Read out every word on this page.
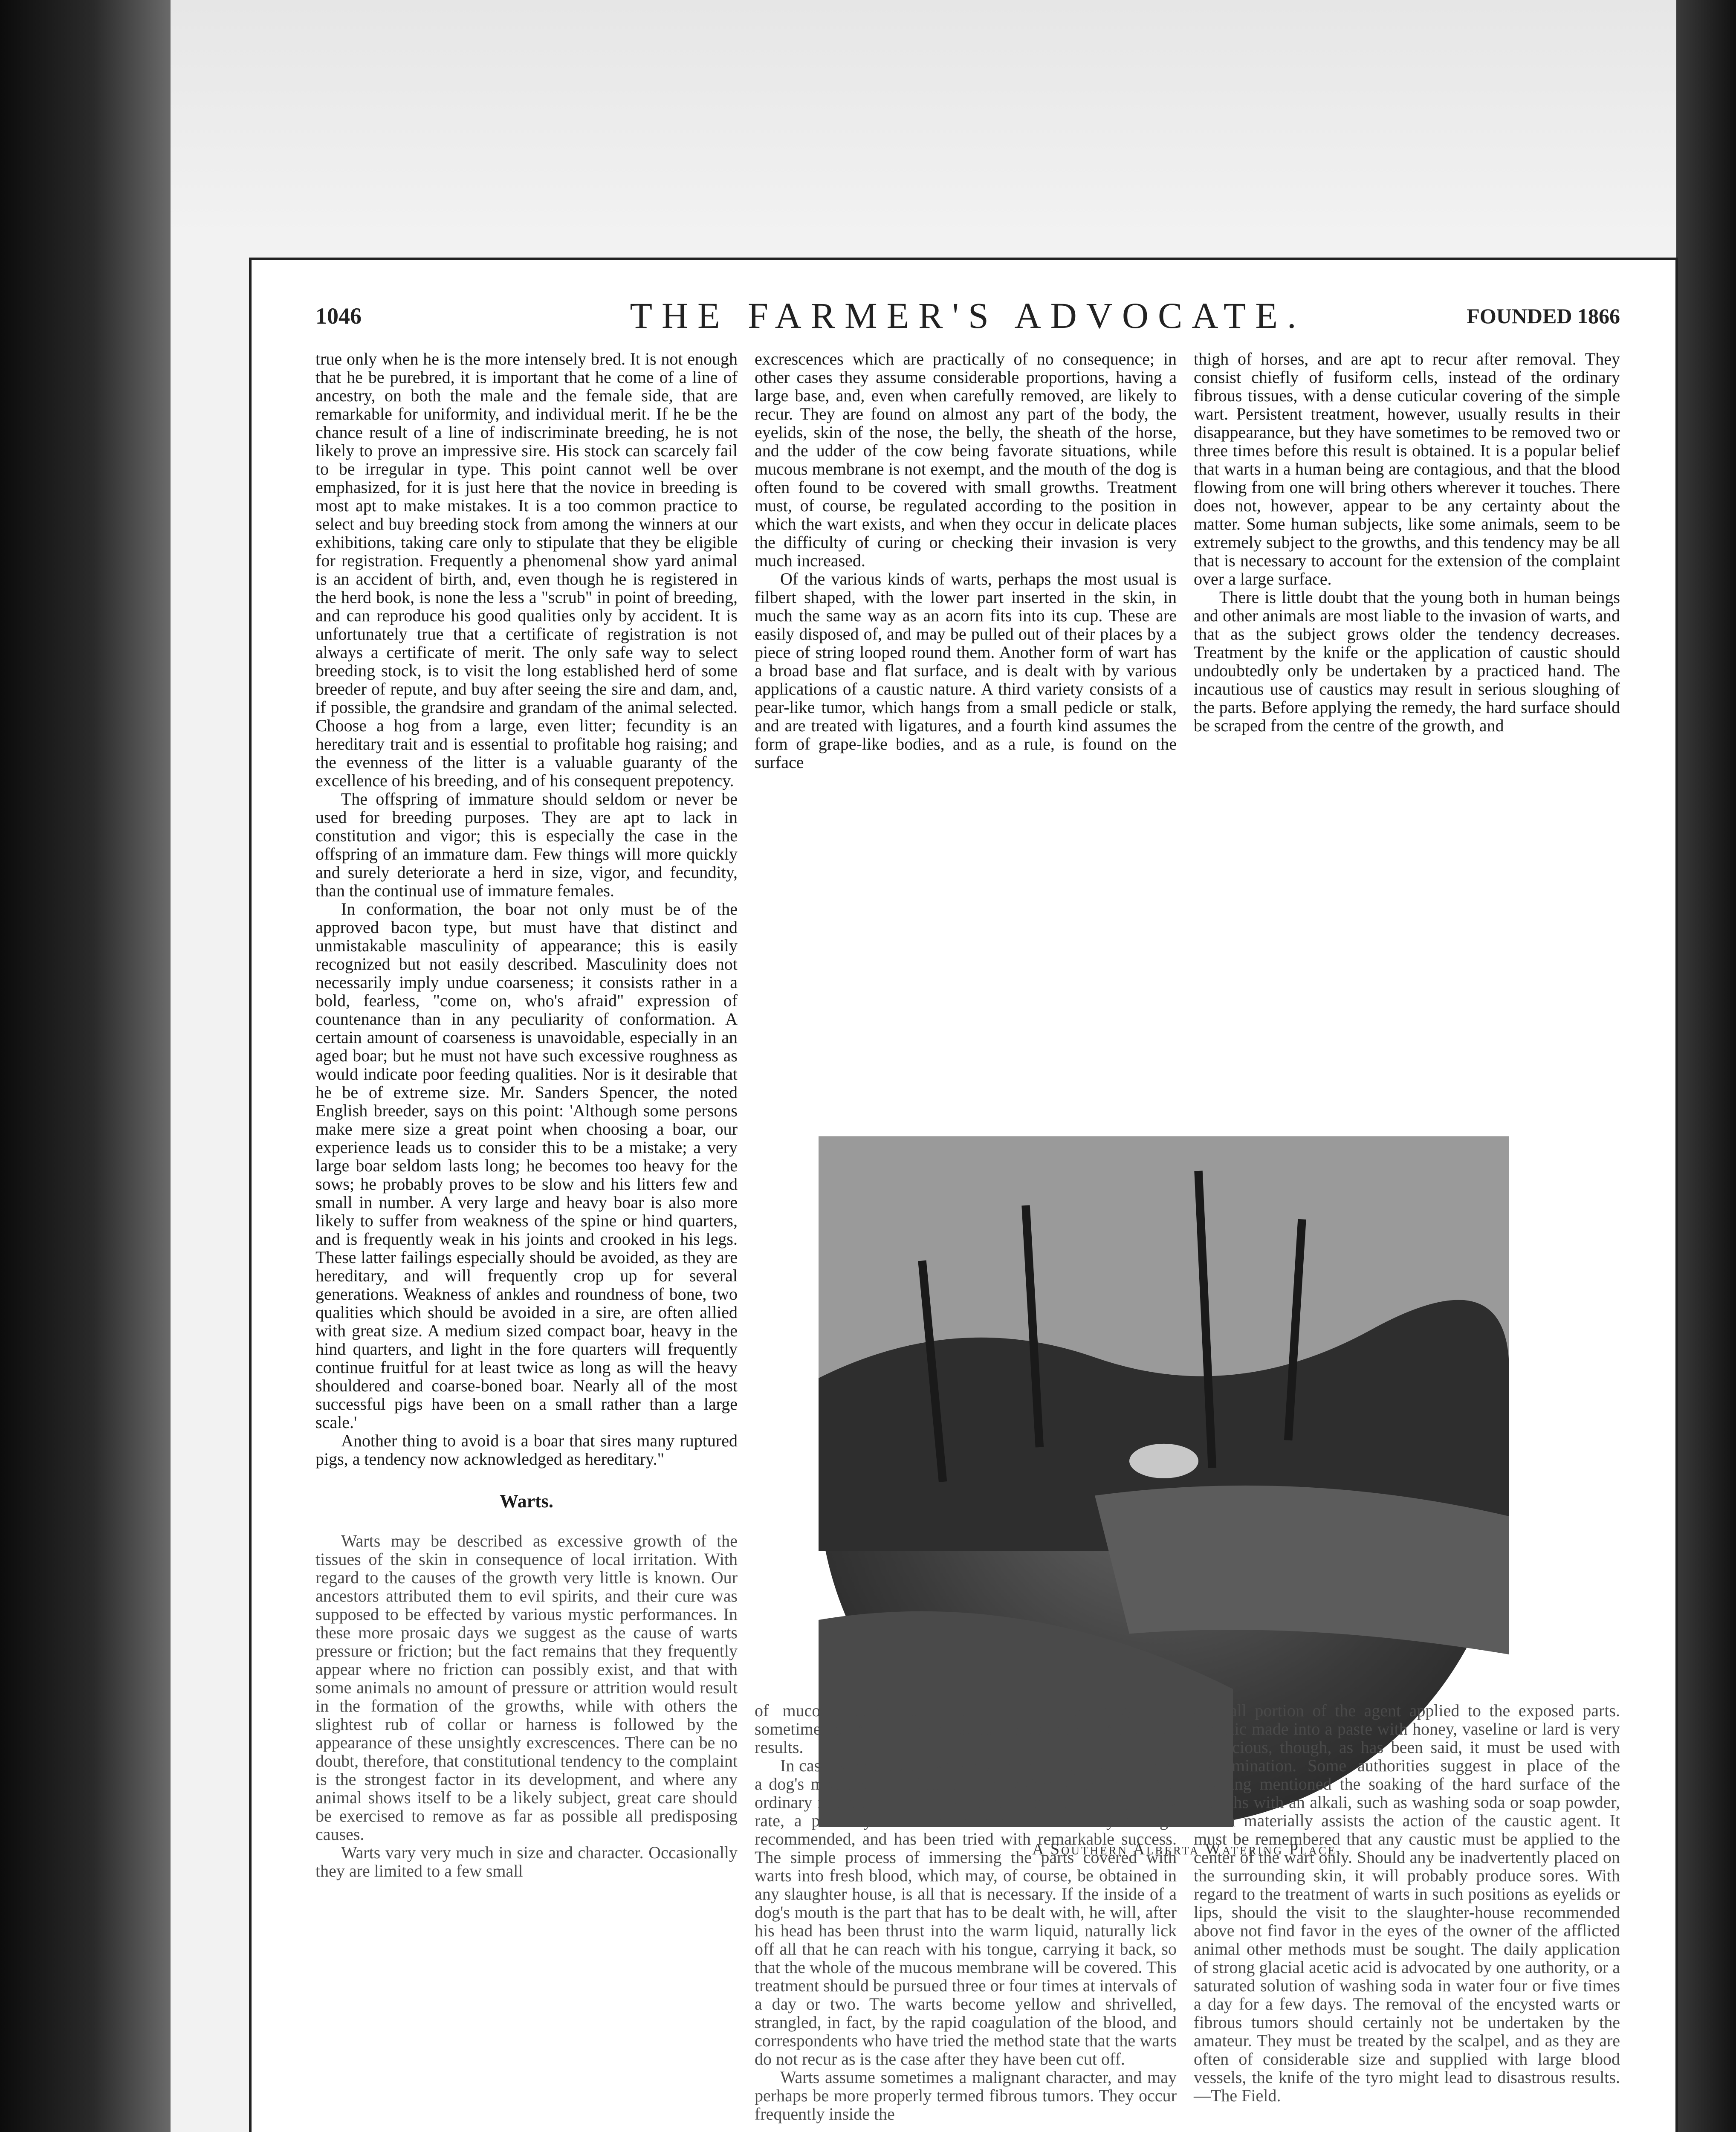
1046	THE FARMER'S ADVOCATE.	FOUNDED 1866

true only when he is the more intensely bred. It is not enough that he be purebred, it is important that he come of a line of ancestry, on both the male and the female side, that are remarkable for uniformity, and individual merit. If he be the chance result of a line of indiscriminate breeding, he is not likely to prove an impressive sire. His stock can scarcely fail to be irregular in type. This point cannot well be over emphasized, for it is just here that the novice in breeding is most apt to make mistakes. It is a too common practice to select and buy breeding stock from among the winners at our exhibitions, taking care only to stipulate that they be eligible for registration. Frequently a phenomenal show yard animal is an accident of birth, and, even though he is registered in the herd book, is none the less a "scrub" in point of breeding, and can reproduce his good qualities only by accident. It is unfortunately true that a certificate of registration is not always a certificate of merit. The only safe way to select breeding stock, is to visit the long established herd of some breeder of repute, and buy after seeing the sire and dam, and, if possible, the grandsire and grandam of the animal selected. Choose a hog from a large, even litter; fecundity is an hereditary trait and is essential to profitable hog raising; and the evenness of the litter is a valuable guaranty of the excellence of his breeding, and of his consequent prepotency.

The offspring of immature should seldom or never be used for breeding purposes. They are apt to lack in constitution and vigor; this is especially the case in the offspring of an immature dam. Few things will more quickly and surely deteriorate a herd in size, vigor, and fecundity, than the continual use of immature females.

In conformation, the boar not only must be of the approved bacon type, but must have that distinct and unmistakable masculinity of appearance; this is easily recognized but not easily described. Masculinity does not necessarily imply undue coarseness; it consists rather in a bold, fearless, "come on, who's afraid" expression of countenance than in any peculiarity of conformation. A certain amount of coarseness is unavoidable, especially in an aged boar; but he must not have such excessive roughness as would indicate poor feeding qualities. Nor is it desirable that he be of extreme size. Mr. Sanders Spencer, the noted English breeder, says on this point: 'Although some persons make mere size a great point when choosing a boar, our experience leads us to consider this to be a mistake; a very large boar seldom lasts long; he becomes too heavy for the sows; he probably proves to be slow and his litters few and small in number. A very large and heavy boar is also more likely to suffer from weakness of the spine or hind quarters, and is frequently weak in his joints and crooked in his legs. These latter failings especially should be avoided, as they are hereditary, and will frequently crop up for several generations. Weakness of ankles and roundness of bone, two qualities which should be avoided in a sire, are often allied with great size. A medium sized compact boar, heavy in the hind quarters, and light in the fore quarters will frequently continue fruitful for at least twice as long as will the heavy shouldered and coarse-boned boar. Nearly all of the most successful pigs have been on a small rather than a large scale.'

Another thing to avoid is a boar that sires many ruptured pigs, a tendency now acknowledged as hereditary."

Warts.

Warts may be described as excessive growth of the tissues of the skin in consequence of local irritation. With regard to the causes of the growth very little is known. Our ancestors attributed them to evil spirits, and their cure was supposed to be effected by various mystic performances. In these more prosaic days we suggest as the cause of warts pressure or friction; but the fact remains that they frequently appear where no friction can possibly exist, and that with some animals no amount of pressure or attrition would result in the formation of the growths, while with others the slightest rub of collar or harness is followed by the appearance of these unsightly excrescences. There can be no doubt, therefore, that constitutional tendency to the complaint is the strongest factor in its development, and where any animal shows itself to be a likely subject, great care should be exercised to remove as far as possible all predisposing causes.

Warts vary very much in size and character. Occasionally they are limited to a few small

excrescences which are practically of no consequence; in other cases they assume considerable proportions, having a large base, and, even when carefully removed, are likely to recur. They are found on almost any part of the body, the eyelids, skin of the nose, the belly, the sheath of the horse, and the udder of the cow being favorate situations, while mucous membrane is not exempt, and the mouth of the dog is often found to be covered with small growths. Treatment must, of course, be regulated according to the position in which the wart exists, and when they occur in delicate places the difficulty of curing or checking their invasion is very much increased.

Of the various kinds of warts, perhaps the most usual is filbert shaped, with the lower part inserted in the skin, in much the same way as an acorn fits into its cup. These are easily disposed of, and may be pulled out of their places by a piece of string looped round them. Another form of wart has a broad base and flat surface, and is dealt with by various applications of a caustic nature. A third variety consists of a pear-like tumor, which hangs from a small pedicle or stalk, and are treated with ligatures, and a fourth kind assumes the form of grape-like bodies, and as a rule, is found on the surface

thigh of horses, and are apt to recur after removal. They consist chiefly of fusiform cells, instead of the ordinary fibrous tissues, with a dense cuticular covering of the simple wart. Persistent treatment, however, usually results in their disappearance, but they have sometimes to be removed two or three times before this result is obtained. It is a popular belief that warts in a human being are contagious, and that the blood flowing from one will bring others wherever it touches. There does not, however, appear to be any certainty about the matter. Some human subjects, like some animals, seem to be extremely subject to the growths, and this tendency may be all that is necessary to account for the extension of the complaint over a large surface.

There is little doubt that the young both in human beings and other animals are most liable to the invasion of warts, and that as the subject grows older the tendency decreases. Treatment by the knife or the application of caustic should undoubtedly only be undertaken by a practiced hand. The incautious use of caustics may result in serious sloughing of the parts. Before applying the remedy, the hard surface should be scraped from the centre of the growth, and

A Southern Alberta Watering Place.

of mucous membrane in clusters. The oesophagus is sometimes obstructed by these accumulations, with serious results.

In cases where the growths attack the lining membrane of a dog's mouth and similar delicate positions, the use of the ordinary remedies is naturally impossible, and one of, at any rate, a perfectly harmless character was some years ago recommended, and has been tried with remarkable success. The simple process of immersing the parts covered with warts into fresh blood, which may, of course, be obtained in any slaughter house, is all that is necessary. If the inside of a dog's mouth is the part that has to be dealt with, he will, after his head has been thrust into the warm liquid, naturally lick off all that he can reach with his tongue, carrying it back, so that the whole of the mucous membrane will be covered. This treatment should be pursued three or four times at intervals of a day or two. The warts become yellow and shrivelled, strangled, in fact, by the rapid coagulation of the blood, and correspondents who have tried the method state that the warts do not recur as is the case after they have been cut off.

Warts assume sometimes a malignant character, and may perhaps be more properly termed fibrous tumors. They occur frequently inside the

a small portion of the agent applied to the exposed parts. Arsenic made into a paste with honey, vaseline or lard is very efficacious, though, as has been said, it must be used with discrimination. Some authorities suggest in place of the scraping mentioned the soaking of the hard surface of the growths with an alkali, such as washing soda or soap powder, which materially assists the action of the caustic agent. It must be remembered that any caustic must be applied to the center of the wart only. Should any be inadvertently placed on the surrounding skin, it will probably produce sores. With regard to the treatment of warts in such positions as eyelids or lips, should the visit to the slaughter-house recommended above not find favor in the eyes of the owner of the afflicted animal other methods must be sought. The daily application of strong glacial acetic acid is advocated by one authority, or a saturated solution of washing soda in water four or five times a day for a few days. The removal of the encysted warts or fibrous tumors should certainly not be undertaken by the amateur. They must be treated by the scalpel, and as they are often of considerable size and supplied with large blood vessels, the knife of the tyro might lead to disastrous results.—The Field.
